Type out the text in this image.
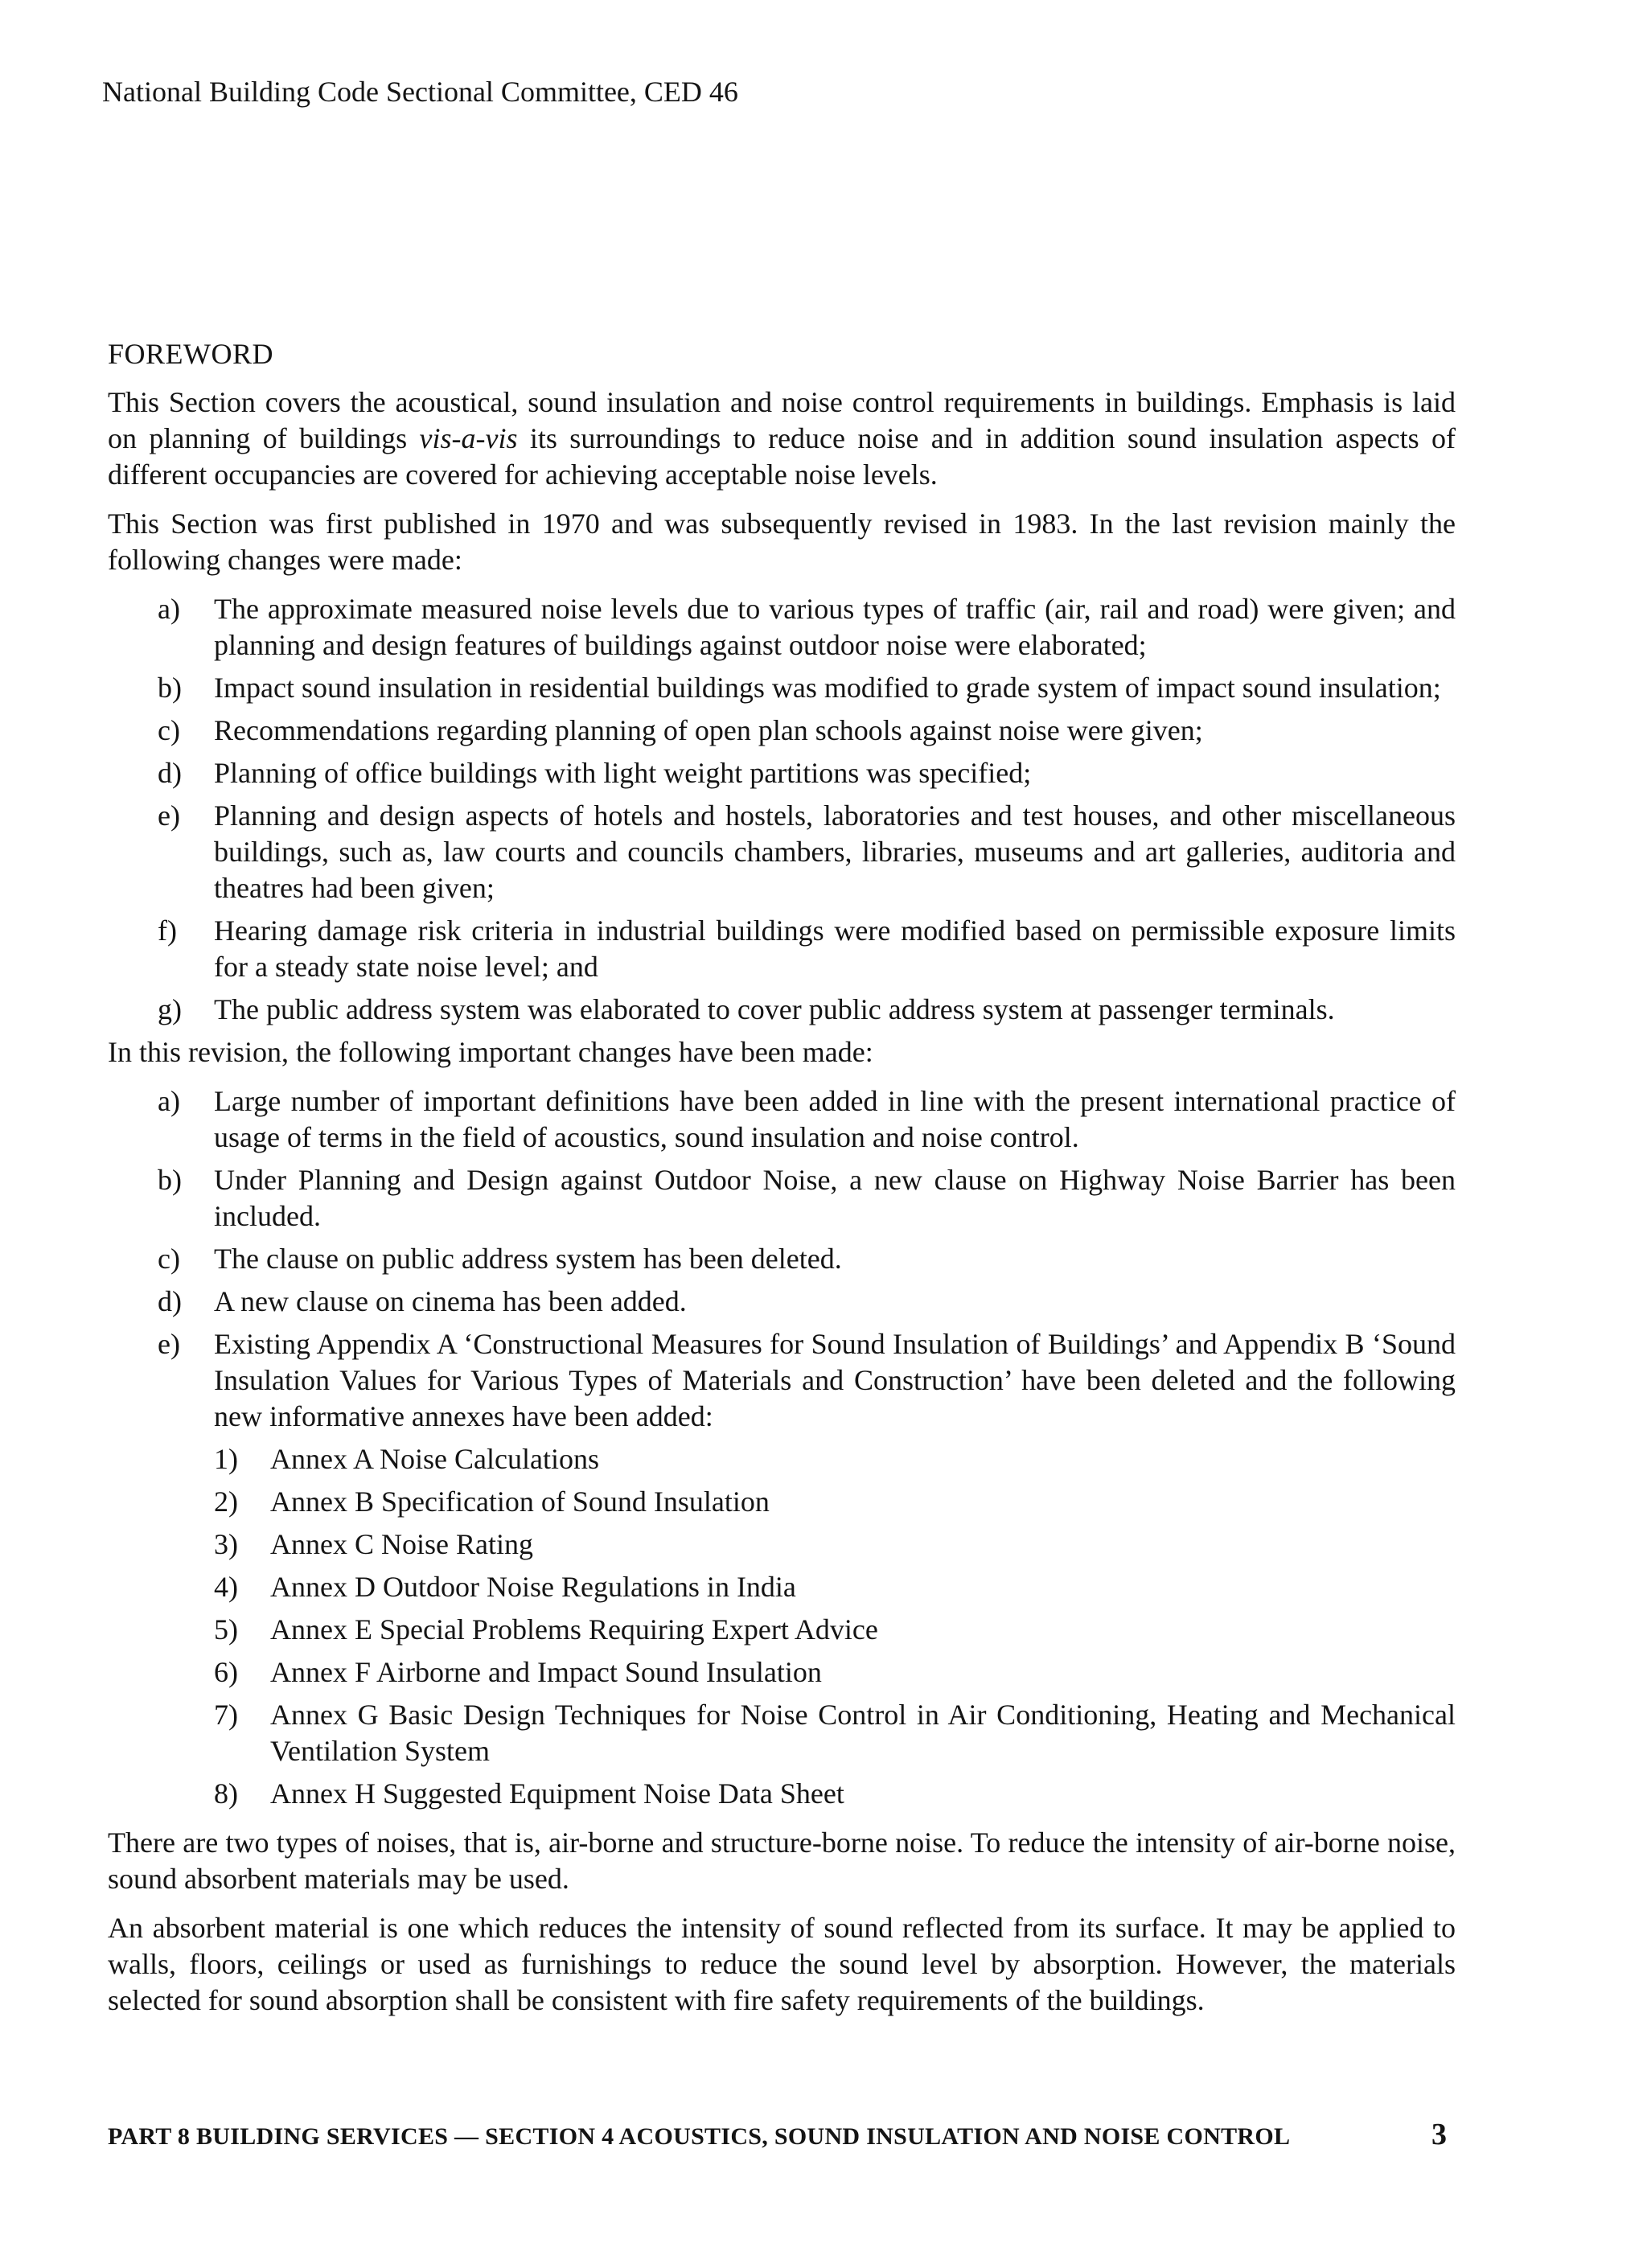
National Building Code Sectional Committee, CED 46
FOREWORD

This Section covers the acoustical, sound insulation and noise control requirements in buildings. Emphasis is laid on planning of buildings vis-a-vis its surroundings to reduce noise and in addition sound insulation aspects of different occupancies are covered for achieving acceptable noise levels.

This Section was first published in 1970 and was subsequently revised in 1983. In the last revision mainly the following changes were made:

a)	The approximate measured noise levels due to various types of traffic (air, rail and road) were given; and planning and design features of buildings against outdoor noise were elaborated;
b)	Impact sound insulation in residential buildings was modified to grade system of impact sound insulation;
c)	Recommendations regarding planning of open plan schools against noise were given;
d)	Planning of office buildings with light weight partitions was specified;
e)	Planning and design aspects of hotels and hostels, laboratories and test houses, and other miscellaneous buildings, such as, law courts and councils chambers, libraries, museums and art galleries, auditoria and theatres had been given;
f)	Hearing damage risk criteria in industrial buildings were modified based on permissible exposure limits for a steady state noise level; and
g)	The public address system was elaborated to cover public address system at passenger terminals.

In this revision, the following important changes have been made:

a)	Large number of important definitions have been added in line with the present international practice of usage of terms in the field of acoustics, sound insulation and noise control.
b)	Under Planning and Design against Outdoor Noise, a new clause on Highway Noise Barrier has been included.
c)	The clause on public address system has been deleted.
d)	A new clause on cinema has been added.
e)	Existing Appendix A ‘Constructional Measures for Sound Insulation of Buildings’ and Appendix B ‘Sound Insulation Values for Various Types of Materials and Construction’ have been deleted and the following new informative annexes have been added:
1)	Annex A Noise Calculations
2)	Annex B Specification of Sound Insulation
3)	Annex C Noise Rating
4)	Annex D Outdoor Noise Regulations in India
5)	Annex E Special Problems Requiring Expert Advice
6)	Annex F Airborne and Impact Sound Insulation
7)	Annex G Basic Design Techniques for Noise Control in Air Conditioning, Heating and Mechanical Ventilation System
8)	Annex H Suggested Equipment Noise Data Sheet

There are two types of noises, that is, air-borne and structure-borne noise. To reduce the intensity of air-borne noise, sound absorbent materials may be used.

An absorbent material is one which reduces the intensity of sound reflected from its surface. It may be applied to walls, floors, ceilings or used as furnishings to reduce the sound level by absorption. However, the materials selected for sound absorption shall be consistent with fire safety requirements of the buildings.

PART 8 BUILDING SERVICES — SECTION 4 ACOUSTICS, SOUND INSULATION AND NOISE CONTROL	3
